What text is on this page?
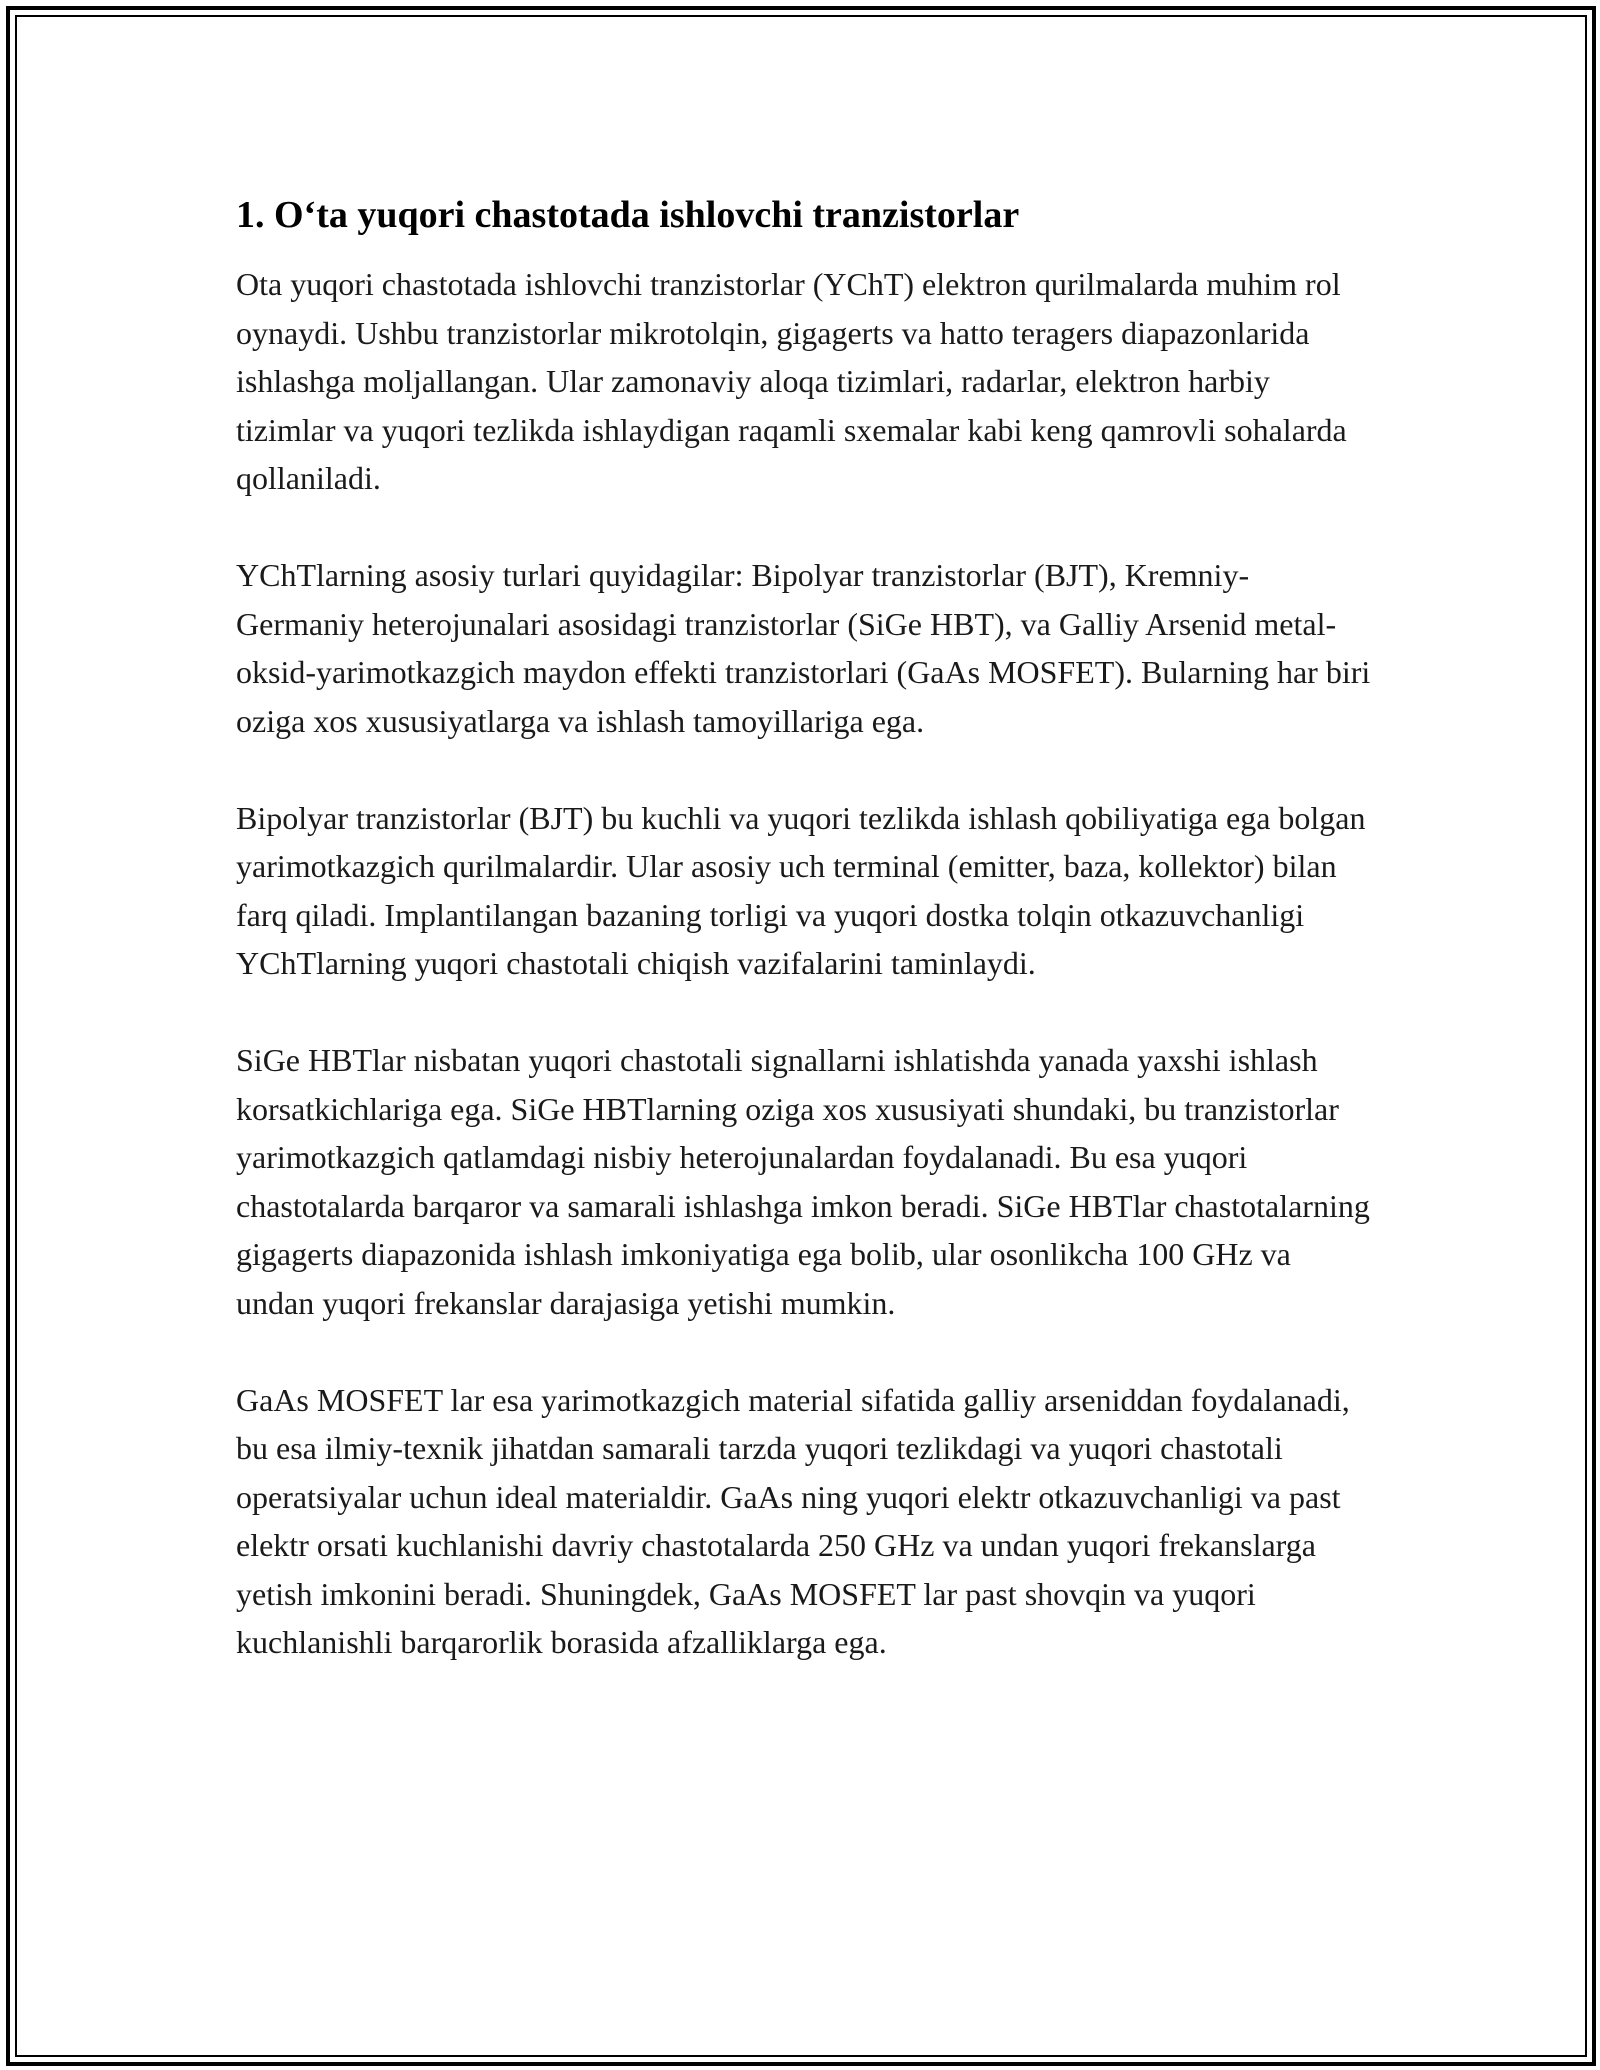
1. O‘ta yuqori chastotada ishlovchi tranzistorlar

Ota yuqori chastotada ishlovchi tranzistorlar (YChT) elektron qurilmalarda muhim rol oynaydi. Ushbu tranzistorlar mikrotolqin, gigagerts va hatto teragers diapazonlarida ishlashga moljallangan. Ular zamonaviy aloqa tizimlari, radarlar, elektron harbiy tizimlar va yuqori tezlikda ishlaydigan raqamli sxemalar kabi keng qamrovli sohalarda qollaniladi.

YChTlarning asosiy turlari quyidagilar: Bipolyar tranzistorlar (BJT), Kremniy-Germaniy heterojunalari asosidagi tranzistorlar (SiGe HBT), va Galliy Arsenid metal-oksid-yarimotkazgich maydon effekti tranzistorlari (GaAs MOSFET). Bularning har biri oziga xos xususiyatlarga va ishlash tamoyillariga ega.

Bipolyar tranzistorlar (BJT) bu kuchli va yuqori tezlikda ishlash qobiliyatiga ega bolgan yarimotkazgich qurilmalardir. Ular asosiy uch terminal (emitter, baza, kollektor) bilan farq qiladi. Implantilangan bazaning torligi va yuqori dostka tolqin otkazuvchanligi YChTlarning yuqori chastotali chiqish vazifalarini taminlaydi.

SiGe HBTlar nisbatan yuqori chastotali signallarni ishlatishda yanada yaxshi ishlash korsatkichlariga ega. SiGe HBTlarning oziga xos xususiyati shundaki, bu tranzistorlar yarimotkazgich qatlamdagi nisbiy heterojunalardan foydalanadi. Bu esa yuqori chastotalarda barqaror va samarali ishlashga imkon beradi. SiGe HBTlar chastotalarning gigagerts diapazonida ishlash imkoniyatiga ega bolib, ular osonlikcha 100 GHz va undan yuqori frekanslar darajasiga yetishi mumkin.

GaAs MOSFET lar esa yarimotkazgich material sifatida galliy arseniddan foydalanadi, bu esa ilmiy-texnik jihatdan samarali tarzda yuqori tezlikdagi va yuqori chastotali operatsiyalar uchun ideal materialdir. GaAs ning yuqori elektr otkazuvchanligi va past elektr orsati kuchlanishi davriy chastotalarda 250 GHz va undan yuqori frekanslarga yetish imkonini beradi. Shuningdek, GaAs MOSFET lar past shovqin va yuqori kuchlanishli barqarorlik borasida afzalliklarga ega.
